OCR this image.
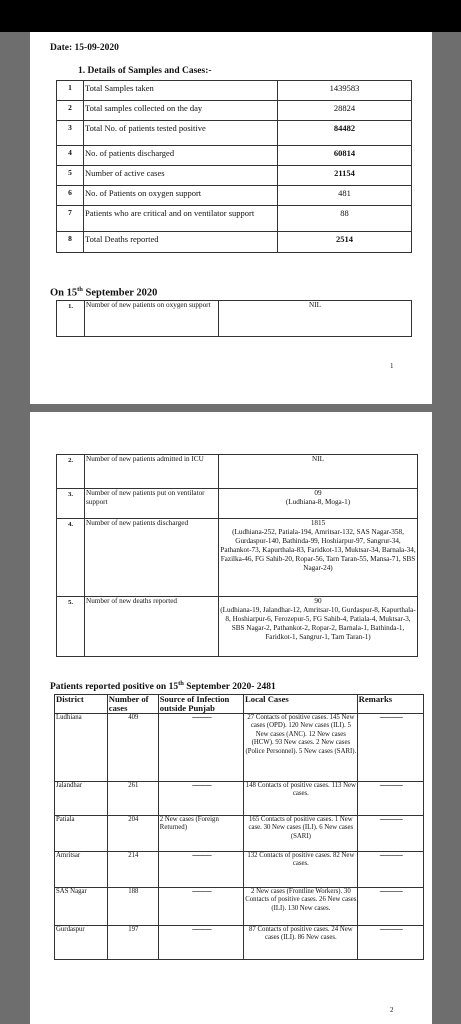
Date: 15-09-2020
1. Details of Samples and Cases:-
1	Total Samples taken	1439583
2	Total samples collected on the day	28824
3	Total No. of patients tested positive	84482
4	No. of patients discharged	60814
5	Number of active cases	21154
6	No. of Patients on oxygen support	481
7	Patients who are critical and on ventilator support	88
8	Total Deaths reported	2514
On 15th September 2020
1.	Number of new patients on oxygen support	NIL
1
2.	Number of new patients admitted in ICU	NIL
3.	Number of new patients put on ventilator support	09
(Ludhiana-8, Moga-1)
4.	Number of new patients discharged	1815
(Ludhiana-252, Patiala-194, Amritsar-132, SAS Nagar-358, Gurdaspur-140, Bathinda-99, Hoshiarpur-97, Sangrur-34, Pathankot-73, Kapurthala-83, Faridkot-13, Muktsar-34, Barnala-34, Fazilka-46, FG Sahib-20, Ropar-56, Tarn Taran-55, Mansa-71, SBS Nagar-24)
5.	Number of new deaths reported	90
(Ludhiana-19, Jalandhar-12, Amritsar-10, Gurdaspur-8, Kapurthala-8, Hoshiarpur-6, Ferozepur-5, FG Sahib-4, Patiala-4, Muktsar-3, SBS Nagar-2, Pathankot-2, Ropar-2, Barnala-1, Bathinda-1, Faridkot-1, Sangrur-1, Tarn Taran-1)
Patients reported positive on 15th September 2020- 2481
District	Number of cases	Source of Infection outside Punjab	Local Cases	Remarks
Ludhiana	409	---------------	27 Contacts of positive cases. 145 New cases (OPD). 120 New cases (ILI). 5 New cases (ANC). 12 New cases (HCW). 93 New cases. 2 New cases (Police Personnel). 5 New cases (SARI).	------------------
Jalandhar	261	---------------	148 Contacts of positive cases. 113 New cases.	------------------
Patiala	204	2 New cases (Foreign Returned)	165 Contacts of positive cases. 1 New case. 30 New cases (ILI). 6 New cases (SARI)	------------------
Amritsar	214	---------------	132 Contacts of positive cases. 82 New cases.	------------------
SAS Nagar	188	---------------	2 New cases (Frontline Workers). 30 Contacts of positive cases. 26 New cases (ILI). 130 New cases.	------------------
Gurdaspur	197	---------------	87 Contacts of positive cases. 24 New cases (ILI). 86 New cases.	------------------
2
